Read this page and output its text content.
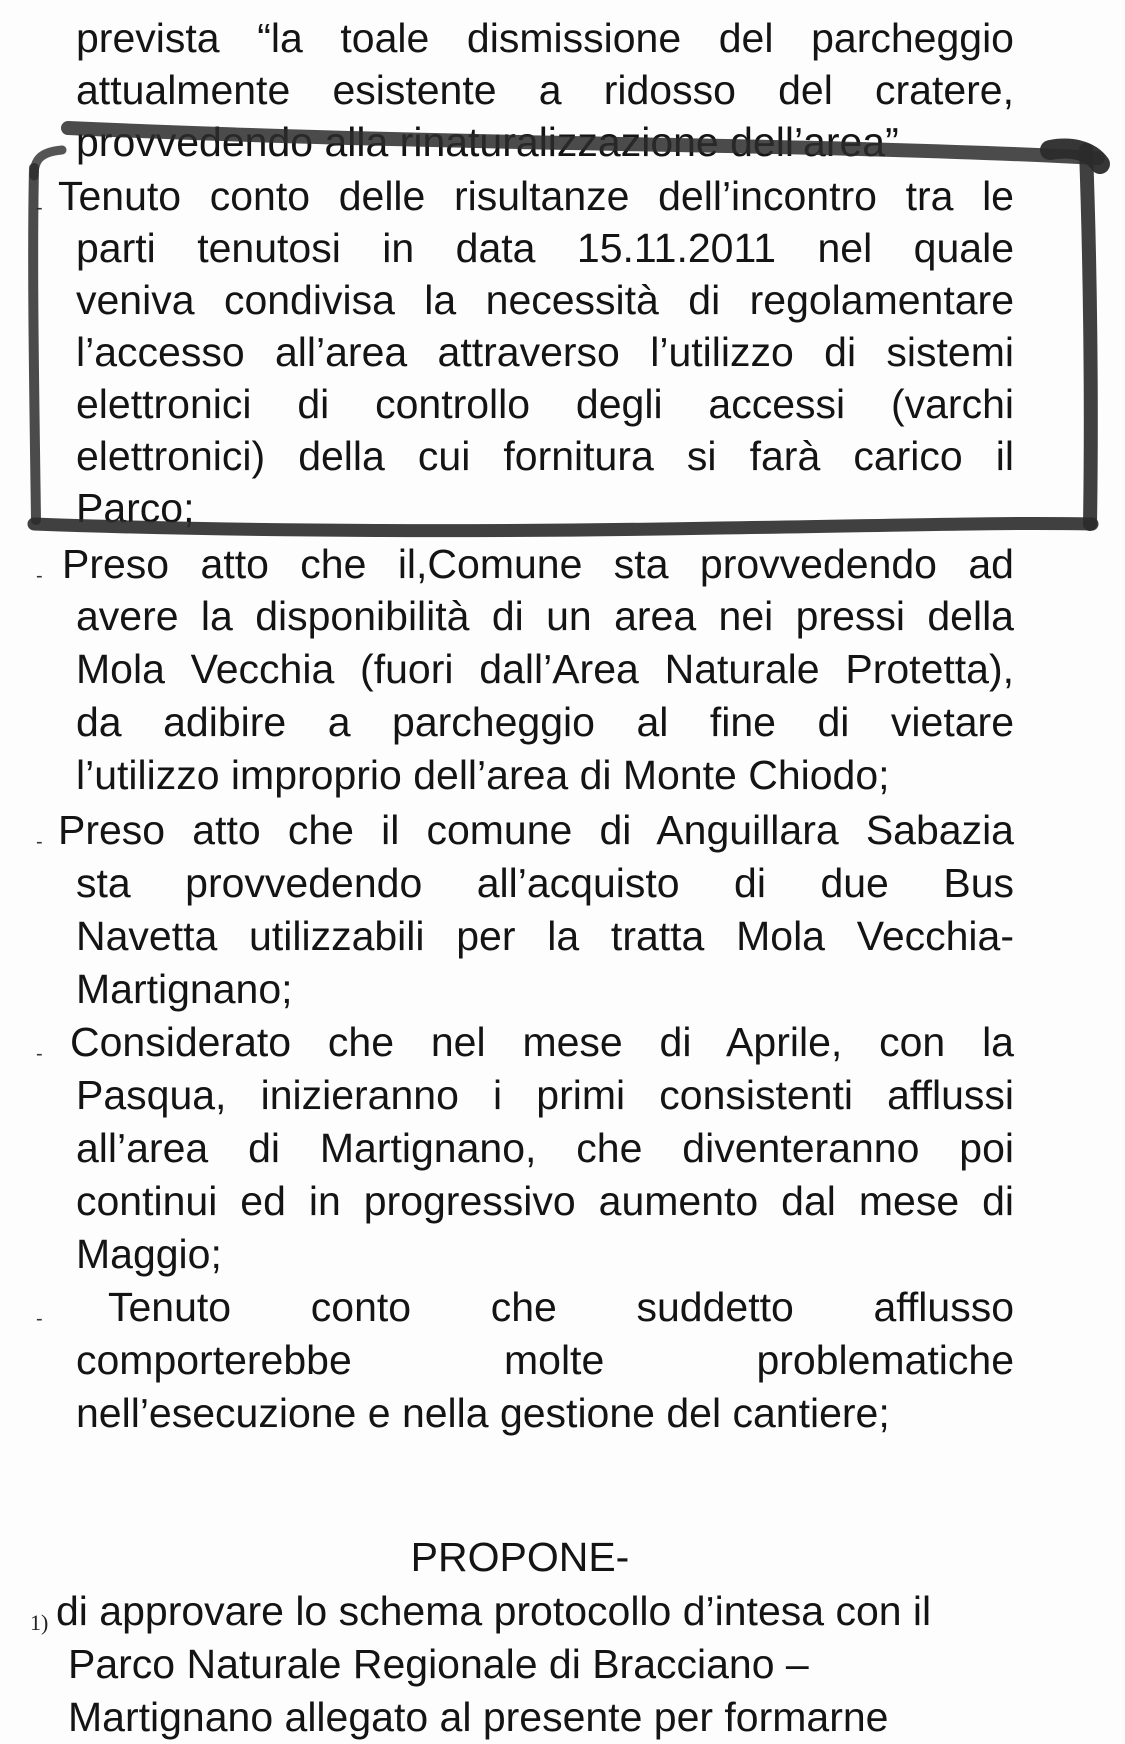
prevista “la toale dismissione del parcheggio
attualmente esistente a ridosso del cratere,
provvedendo alla rinaturalizzazione dell’area”
- Tenuto conto delle risultanze dell’incontro tra le
parti tenutosi in data 15.11.2011 nel quale
veniva condivisa la necessità di regolamentare
l’accesso all’area attraverso l’utilizzo di sistemi
elettronici di controllo degli accessi (varchi
elettronici) della cui fornitura si farà carico il
Parco;
- Preso atto che il,Comune sta provvedendo ad
avere la disponibilità di un area nei pressi della
Mola Vecchia (fuori dall’Area Naturale Protetta),
da adibire a parcheggio al fine di vietare
l’utilizzo improprio dell’area di Monte Chiodo;
- Preso atto che il comune di Anguillara Sabazia
sta provvedendo all’acquisto di due Bus
Navetta utilizzabili per la tratta Mola Vecchia-
Martignano;
- Considerato che nel mese di Aprile, con la
Pasqua, inizieranno i primi consistenti afflussi
all’area di Martignano, che diventeranno poi
continui ed in progressivo aumento dal mese di
Maggio;
- Tenuto conto che suddetto afflusso
comporterebbe molte problematiche
nell’esecuzione e nella gestione del cantiere;
PROPONE-
1) di approvare lo schema protocollo d’intesa con il
Parco Naturale Regionale di Bracciano –
Martignano allegato al presente per formarne
